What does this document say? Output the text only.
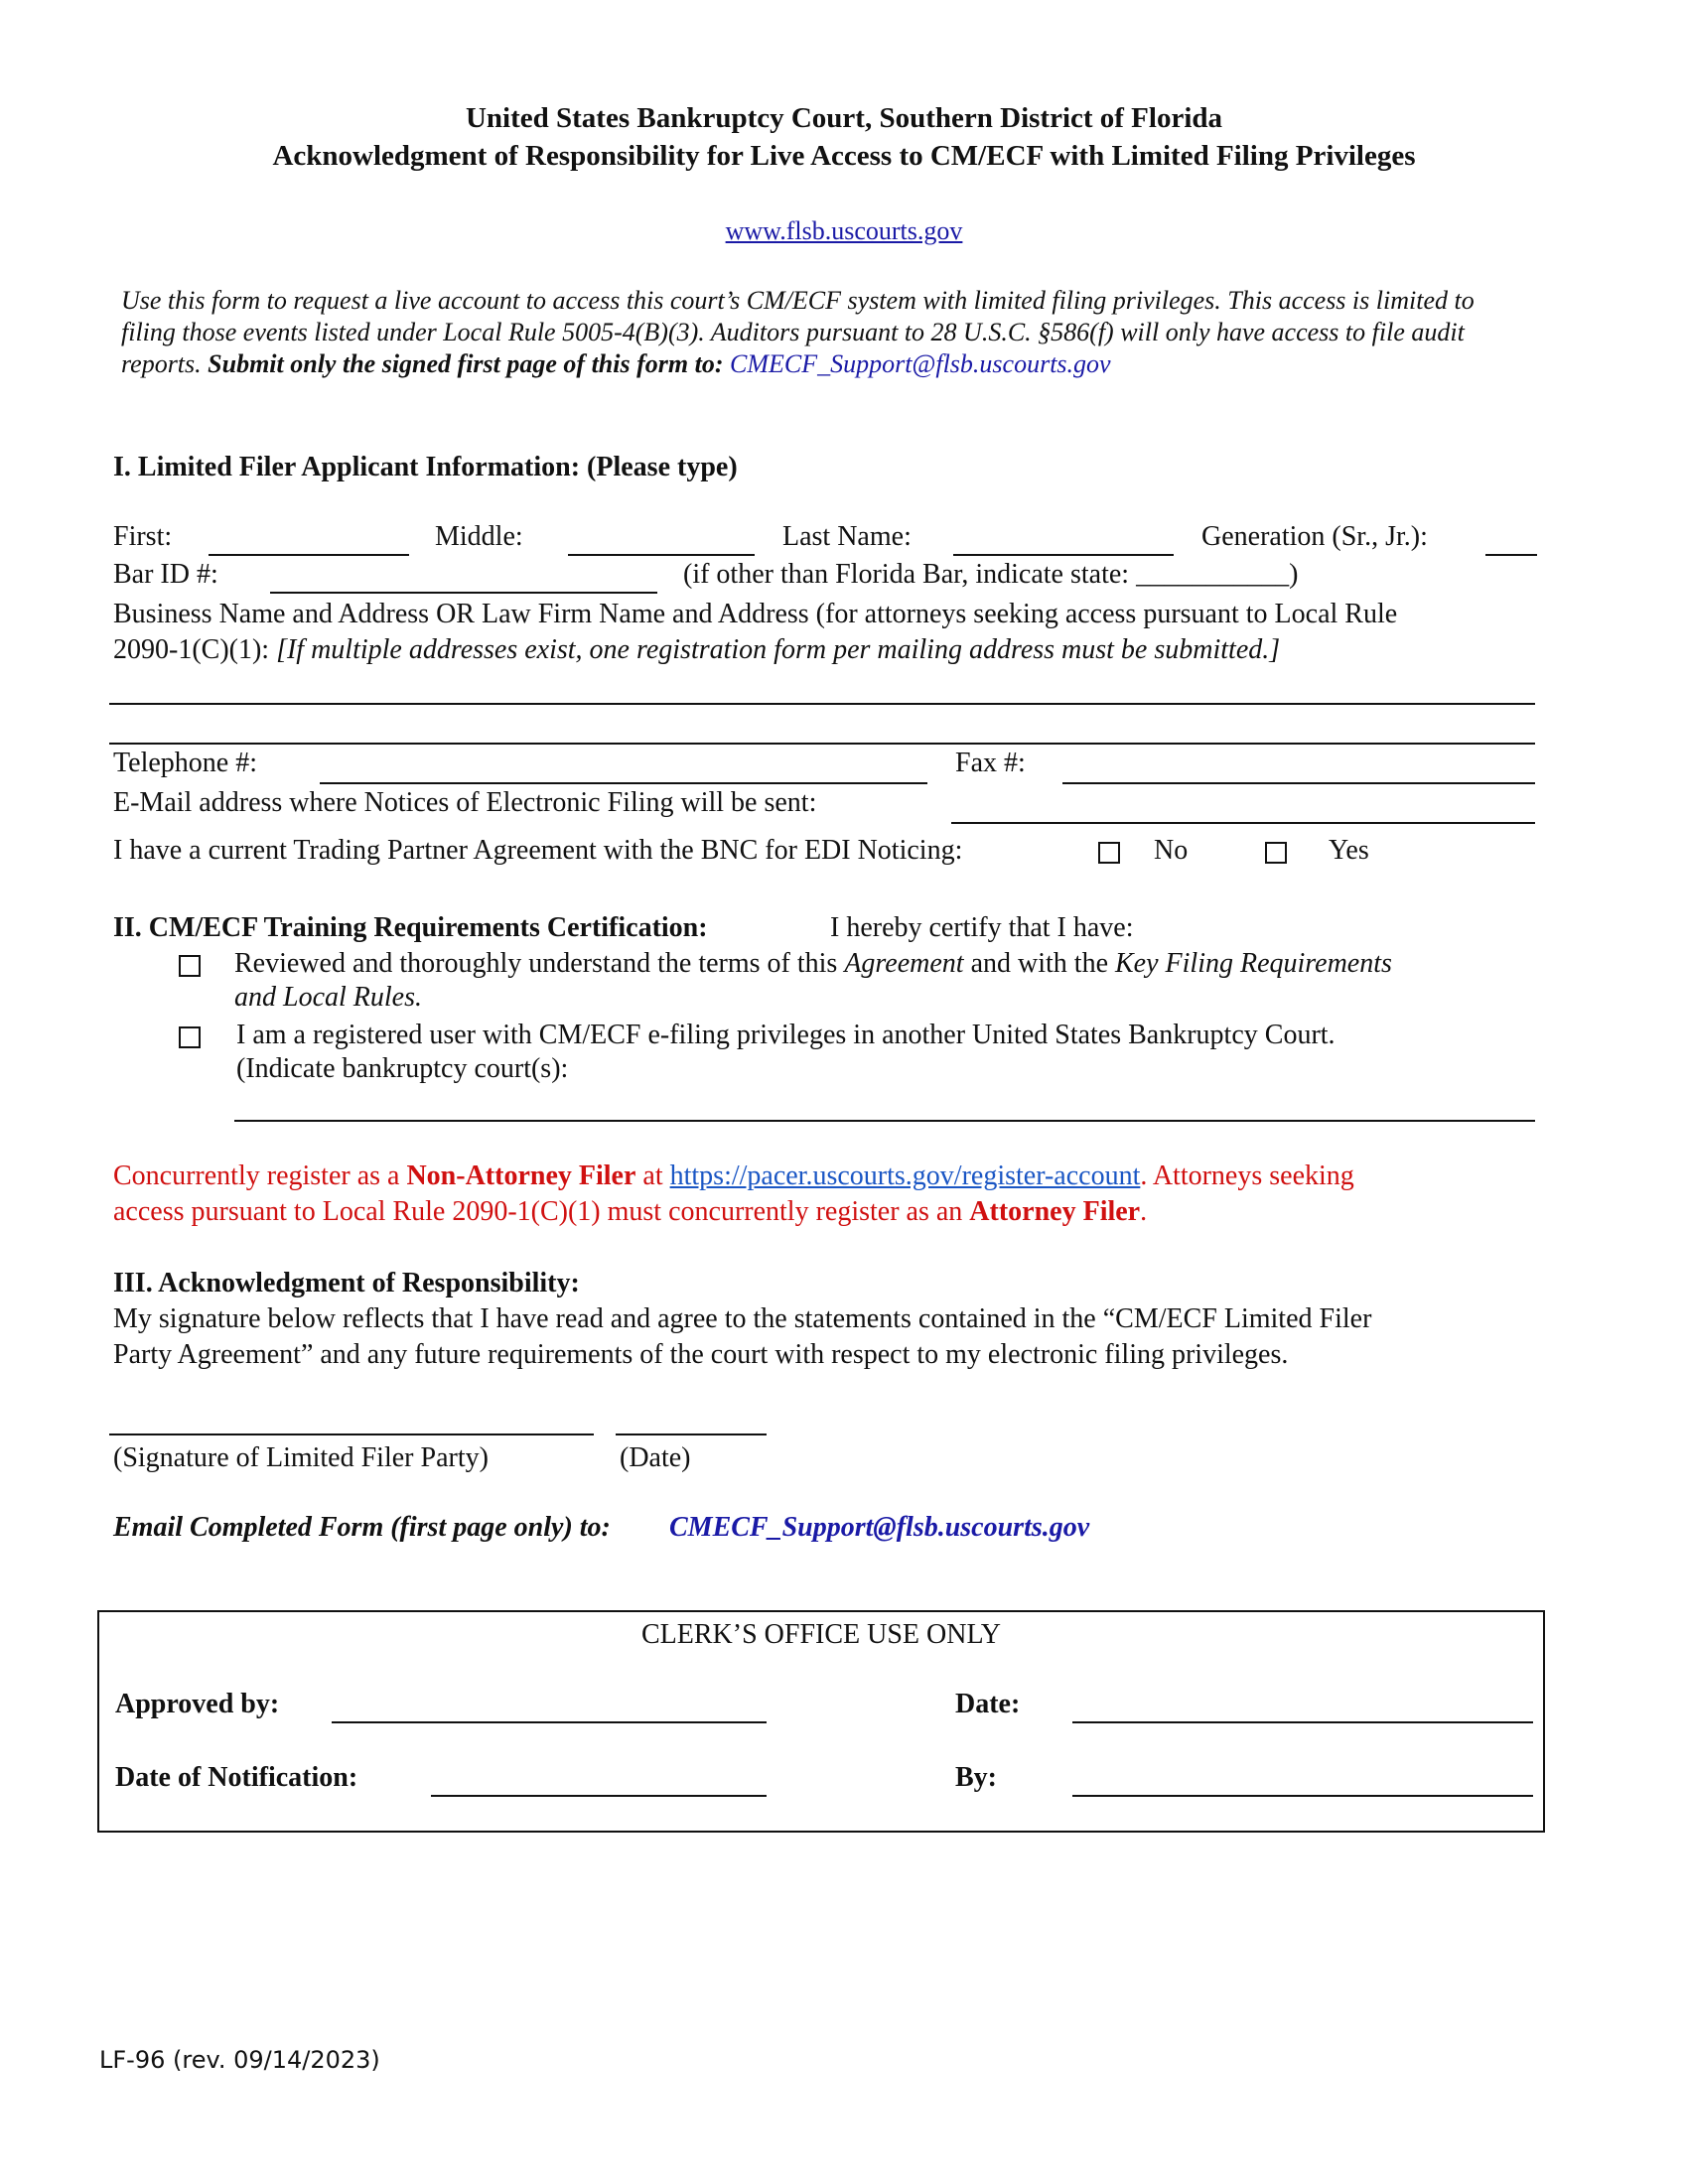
United States Bankruptcy Court, Southern District of Florida
Acknowledgment of Responsibility for Live Access to CM/ECF with Limited Filing Privileges
www.flsb.uscourts.gov
Use this form to request a live account to access this court’s CM/ECF system with limited filing privileges. This access is limited to
filing those events listed under Local Rule 5005-4(B)(3). Auditors pursuant to 28 U.S.C. §586(f) will only have access to file audit
reports. Submit only the signed first page of this form to: CMECF_Support@flsb.uscourts.gov
I. Limited Filer Applicant Information: (Please type)
First:	Middle:	Last Name:	Generation (Sr., Jr.):
Bar ID #:	(if other than Florida Bar, indicate state: ___________)
Business Name and Address OR Law Firm Name and Address (for attorneys seeking access pursuant to Local Rule
2090-1(C)(1): [If multiple addresses exist, one registration form per mailing address must be submitted.]
Telephone #:	Fax #:
E-Mail address where Notices of Electronic Filing will be sent:
I have a current Trading Partner Agreement with the BNC for EDI Noticing:	No	Yes
II. CM/ECF Training Requirements Certification:	I hereby certify that I have:
Reviewed and thoroughly understand the terms of this Agreement and with the Key Filing Requirements
and Local Rules.
I am a registered user with CM/ECF e-filing privileges in another United States Bankruptcy Court.
(Indicate bankruptcy court(s):
Concurrently register as a Non-Attorney Filer at https://pacer.uscourts.gov/register-account. Attorneys seeking
access pursuant to Local Rule 2090-1(C)(1) must concurrently register as an Attorney Filer.
III. Acknowledgment of Responsibility:
My signature below reflects that I have read and agree to the statements contained in the “CM/ECF Limited Filer
Party Agreement” and any future requirements of the court with respect to my electronic filing privileges.
(Signature of Limited Filer Party)	(Date)
Email Completed Form (first page only) to: CMECF_Support@flsb.uscourts.gov
CLERK’S OFFICE USE ONLY
Approved by:	Date:
Date of Notification:	By:
LF-96 (rev. 09/14/2023)
